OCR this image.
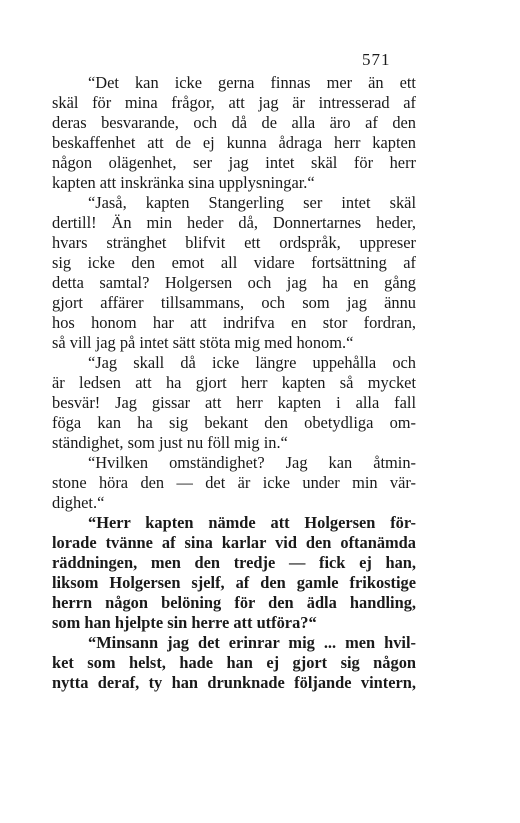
571
“Det kan icke gerna finnas mer än ett
skäl för mina frågor, att jag är intresserad af
deras besvarande, och då de alla äro af den
beskaffenhet att de ej kunna ådraga herr kapten
någon olägenhet, ser jag intet skäl för herr
kapten att inskränka sina upplysningar.“
“Jaså, kapten Stangerling ser intet skäl
dertill! Än min heder då, Donnertarnes heder,
hvars stränghet blifvit ett ordspråk, uppreser
sig icke den emot all vidare fortsättning af
detta samtal? Holgersen och jag ha en gång
gjort affärer tillsammans, och som jag ännu
hos honom har att indrifva en stor fordran,
så vill jag på intet sätt stöta mig med honom.“
“Jag skall då icke längre uppehålla och
är ledsen att ha gjort herr kapten så mycket
besvär! Jag gissar att herr kapten i alla fall
föga kan ha sig bekant den obetydliga om-
ständighet, som just nu föll mig in.“
“Hvilken omständighet? Jag kan åtmin-
stone höra den — det är icke under min vär-
dighet.“
“Herr kapten nämde att Holgersen för-
lorade tvänne af sina karlar vid den oftanämda
räddningen, men den tredje — fick ej han,
liksom Holgersen sjelf, af den gamle frikostige
herrn någon belöning för den ädla handling,
som han hjelpte sin herre att utföra?“
“Minsann jag det erinrar mig ... men hvil-
ket som helst, hade han ej gjort sig någon
nytta deraf, ty han drunknade följande vintern,
